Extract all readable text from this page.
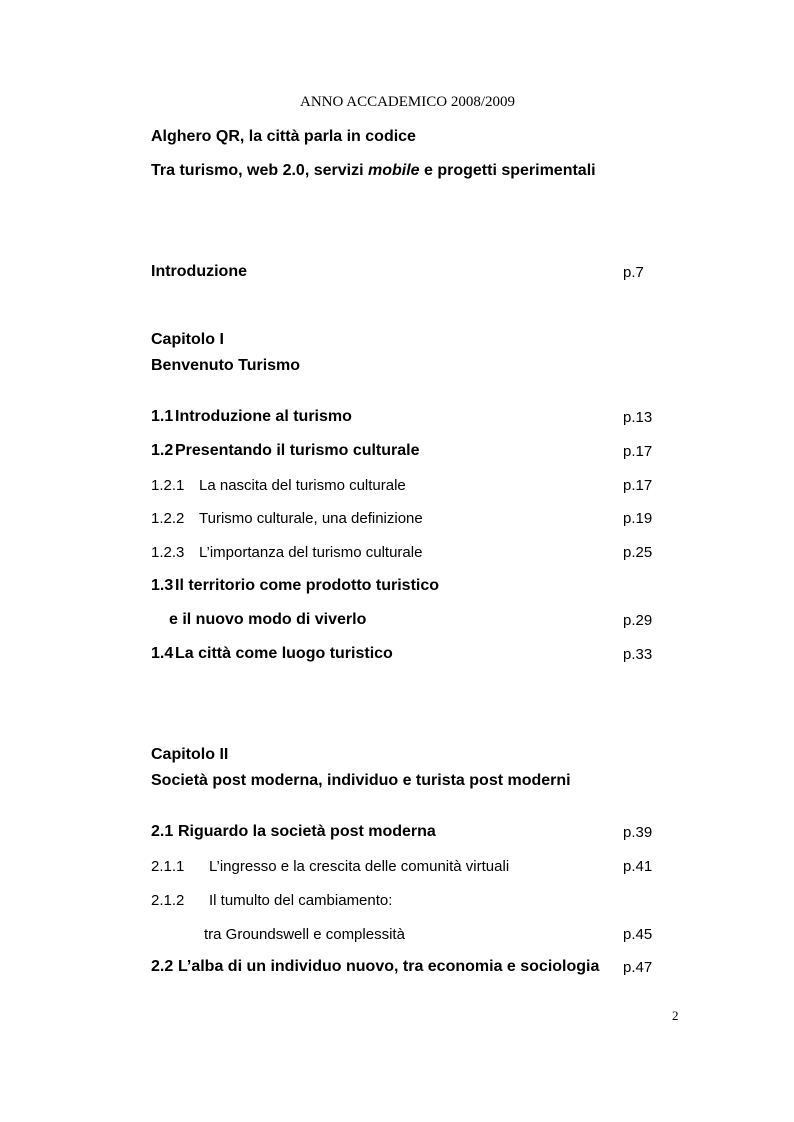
ANNO ACCADEMICO 2008/2009
Alghero QR, la città parla in codice
Tra turismo, web 2.0, servizi mobile e progetti sperimentali
Introduzione	p.7
Capitolo I
Benvenuto Turismo
1.1 Introduzione al turismo	p.13
1.2 Presentando il turismo culturale	p.17
1.2.1 La nascita del turismo culturale	p.17
1.2.2 Turismo culturale, una definizione	p.19
1.2.3 L’importanza del turismo culturale	p.25
1.3 Il territorio come prodotto turistico
e il nuovo modo di viverlo	p.29
1.4 La città come luogo turistico	p.33
Capitolo II
Società post moderna, individuo e turista post moderni
2.1 Riguardo la società post moderna	p.39
2.1.1 L’ingresso e la crescita delle comunità virtuali	p.41
2.1.2 Il tumulto del cambiamento:
tra Groundswell e complessità	p.45
2.2 L’alba di un individuo nuovo, tra economia e sociologia p.47
2
